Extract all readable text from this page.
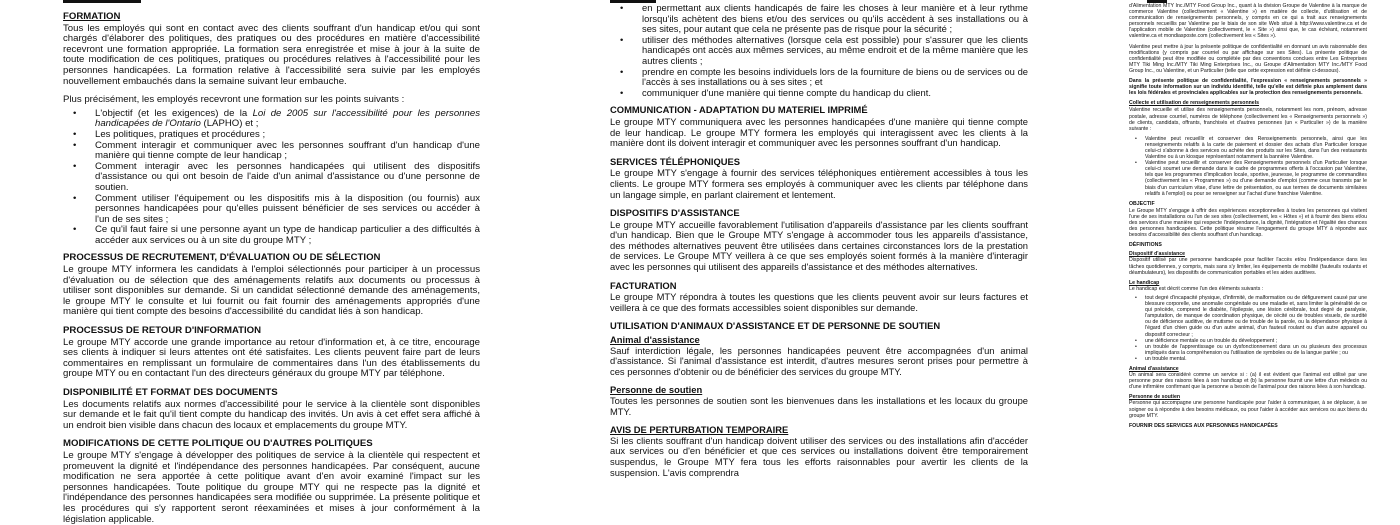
FORMATION

Tous les employés qui sont en contact avec des clients souffrant d'un handicap et/ou qui sont chargés d'élaborer des politiques, des pratiques ou des procédures en matière d'accessibilité recevront une formation appropriée. La formation sera enregistrée et mise à jour à la suite de toute modification de ces politiques, pratiques ou procédures relatives à l'accessibilité pour les personnes handicapées. La formation relative à l'accessibilité sera suivie par les employés nouvellement embauchés dans la semaine suivant leur embauche.

Plus précisément, les employés recevront une formation sur les points suivants :

• L'objectif (et les exigences) de la Loi de 2005 sur l'accessibilité pour les personnes handicapées de l'Ontario (LAPHO) et ;
• Les politiques, pratiques et procédures ;
• Comment interagir et communiquer avec les personnes souffrant d'un handicap d'une manière qui tienne compte de leur handicap ;
• Comment interagir avec les personnes handicapées qui utilisent des dispositifs d'assistance ou qui ont besoin de l'aide d'un animal d'assistance ou d'une personne de soutien.
• Comment utiliser l'équipement ou les dispositifs mis à la disposition (ou fournis) aux personnes handicapées pour qu'elles puissent bénéficier de ses services ou accéder à l'un de ses sites ;
• Ce qu'il faut faire si une personne ayant un type de handicap particulier a des difficultés à accéder aux services ou à un site du groupe MTY ;
PROCESSUS DE RECRUTEMENT, D'ÉVALUATION OU DE SÉLECTION

Le groupe MTY informera les candidats à l'emploi sélectionnés pour participer à un processus d'évaluation ou de sélection que des aménagements relatifs aux documents ou processus à utiliser sont disponibles sur demande. Si un candidat sélectionné demande des aménagements, le groupe MTY le consulte et lui fournit ou fait fournir des aménagements appropriés d'une manière qui tient compte des besoins d'accessibilité du candidat liés à son handicap.

PROCESSUS DE RETOUR D'INFORMATION

Le groupe MTY accorde une grande importance au retour d'information et, à ce titre, encourage ses clients à indiquer si leurs attentes ont été satisfaites. Les clients peuvent faire part de leurs commentaires en remplissant un formulaire de commentaires dans l'un des établissements du groupe MTY ou en contactant l'un des directeurs généraux du groupe MTY par téléphone.

DISPONIBILITÉ ET FORMAT DES DOCUMENTS

Les documents relatifs aux normes d'accessibilité pour le service à la clientèle sont disponibles sur demande et le fait qu'il tient compte du handicap des invités. Un avis à cet effet sera affiché à un endroit bien visible dans chacun des locaux et emplacements du groupe MTY.

MODIFICATIONS DE CETTE POLITIQUE OU D'AUTRES POLITIQUES

Le groupe MTY s'engage à développer des politiques de service à la clientèle qui respectent et promeuvent la dignité et l'indépendance des personnes handicapées. Par conséquent, aucune modification ne sera apportée à cette politique avant d'en avoir examiné l'impact sur les personnes handicapées. Toute politique du groupe MTY qui ne respecte pas la dignité et l'indépendance des personnes handicapées sera modifiée ou supprimée. La présente politique et les procédures qui s'y rapportent seront réexaminées et mises à jour conformément à la législation applicable.

• en permettant aux clients handicapés de faire les choses à leur manière et à leur rythme lorsqu'ils achètent des biens et/ou des services ou qu'ils accèdent à ses installations ou à ses sites, pour autant que cela ne présente pas de risque pour la sécurité ;
• utiliser des méthodes alternatives (lorsque cela est possible) pour s'assurer que les clients handicapés ont accès aux mêmes services, au même endroit et de la même manière que les autres clients ;
• prendre en compte les besoins individuels lors de la fourniture de biens ou de services ou de l'accès à ses installations ou à ses sites ; et
• communiquer d'une manière qui tienne compte du handicap du client.
COMMUNICATION - ADAPTATION DU MATERIEL IMPRIMÉ

Le groupe MTY communiquera avec les personnes handicapées d'une manière qui tienne compte de leur handicap. Le groupe MTY formera les employés qui interagissent avec les clients à la manière dont ils doivent interagir et communiquer avec les personnes souffrant d'un handicap.

SERVICES TÉLÉPHONIQUES

Le groupe MTY s'engage à fournir des services téléphoniques entièrement accessibles à tous les clients. Le groupe MTY formera ses employés à communiquer avec les clients par téléphone dans un langage simple, en parlant clairement et lentement.

DISPOSITIFS D'ASSISTANCE

Le groupe MTY accueille favorablement l'utilisation d'appareils d'assistance par les clients souffrant d'un handicap. Bien que le Groupe MTY s'engage à accommoder tous les appareils d'assistance, des méthodes alternatives peuvent être utilisées dans certaines circonstances lors de la prestation de services. Le Groupe MTY veillera à ce que ses employés soient formés à la manière d'interagir avec les personnes qui utilisent des appareils d'assistance et des méthodes alternatives.

FACTURATION

Le groupe MTY répondra à toutes les questions que les clients peuvent avoir sur leurs factures et veillera à ce que des formats accessibles soient disponibles sur demande.

UTILISATION D'ANIMAUX D'ASSISTANCE ET DE PERSONNE DE SOUTIEN

Animal d'assistance

Sauf interdiction légale, les personnes handicapées peuvent être accompagnées d'un animal d'assistance. Si l'animal d'assistance est interdit, d'autres mesures seront prises pour permettre à ces personnes d'obtenir ou de bénéficier des services du groupe MTY.

Personne de soutien

Toutes les personnes de soutien sont les bienvenues dans les installations et les locaux du groupe MTY.

AVIS DE PERTURBATION TEMPORAIRE

Si les clients souffrant d'un handicap doivent utiliser des services ou des installations afin d'accéder aux services ou d'en bénéficier et que ces services ou installations doivent être temporairement suspendus, le Groupe MTY fera tous les efforts raisonnables pour avertir les clients de la suspension. L'avis comprendra

d'Alimentation MTY Inc./MTY Food Group Inc., quant à la division Groupe de Valentine à la marque de commerce Valentine (collectivement « Valentine ») en matière de collecte, d'utilisation et de communication de renseignements personnels, y compris en ce qui a trait aux renseignements personnels recueillis par Valentine par le biais de son site Web situé à http://www.valentine.ca et de l'application mobile de Valentine (collectivement, le « Site ») ainsi que, le cas échéant, notamment valentine.ca et mondiasposte.com (collectivement les « Sites »).

Valentine peut mettre à jour la présente politique de confidentialité en donnant un avis raisonnable des modifications (y compris par courriel ou par affichage sur ses Sites). La présente politique de confidentialité peut être modifiée ou complétée par des conventions conclues entre Les Entreprises MTY Tiki Ming Inc./MTY Tiki Ming Enterprises Inc., ou Groupe d'Alimentation MTY Inc./MTY Food Group Inc., ou Valentine, et un Particulier (telle que cette expression est définie ci-dessous).

Dans la présente politique de confidentialité, l'expression « renseignements personnels » signifie toute information sur un individu identifié, telle qu'elle est définie plus amplement dans les lois fédérales et provinciales applicables sur la protection des renseignements personnels.

Collecte et utilisation de renseignements personnels

Valentine recueille et utilise des renseignements personnels, notamment les nom, prénom, adresse postale, adresse courriel, numéros de téléphone (collectivement les « Renseignements personnels ») de clients, candidats, offrants, franchisés et d'autres personnes (un « Particulier ») de la manière suivante :

• Valentine peut recueillir et conserver des Renseignements personnels, ainsi que les renseignements relatifs à la carte de paiement et dossier des achats d'un Particulier lorsque celui-ci s'abonne à des services ou achète des produits sur les Sites, dans l'un des restaurants Valentine ou à un kiosque représentant notamment la bannière Valentine.
• Valentine peut recueillir et conserver des Renseignements personnels d'un Particulier lorsque celui-ci soumet une demande dans le cadre de programmes offerts à l'occasion par Valentine, tels que les programmes d'implication locale, sportive, jeunesse, le programme de commandites (collectivement les « Programmes ») ou d'une demande d'emploi (comme ceux transmis par le biais d'un curriculum vitae, d'une lettre de présentation, ou aux termes de documents similaires relatifs à l'emploi) ou pour se renseigner sur l'achat d'une franchise Valentine.
OBJECTIF

Le Groupe MTY s'engage à offrir des expériences exceptionnelles à toutes les personnes qui visitent l'une de ses installations ou l'un de ses sites (collectivement, les « Hôtes ») et à fournir des biens et/ou des services d'une manière qui respecte l'indépendance, la dignité, l'intégration et l'égalité des chances des personnes handicapées. Cette politique résume l'engagement du groupe MTY à répondre aux besoins d'accessibilité des clients souffrant d'un handicap.

DÉFINITIONS

Dispositif d'assistance

Dispositif utilisé par une personne handicapée pour faciliter l'accès et/ou l'indépendance dans les tâches quotidiennes, y compris, mais sans s'y limiter, les équipements de mobilité (fauteuils roulants et déambulateurs), les dispositifs de communication portables et les aides auditives.

Le handicap

Le handicap est décrit comme l'un des éléments suivants :

• tout degré d'incapacité physique, d'infirmité, de malformation ou de défigurement causé par une blessure corporelle, une anomalie congénitale ou une maladie et, sans limiter la généralité de ce qui précède, comprend le diabète, l'épilepsie, une lésion cérébrale, tout degré de paralysie, l'amputation, de manque de coordination physique, de cécité ou de troubles visuels, de surdité ou de déficience auditive, de mutisme ou de trouble de la parole, ou la dépendance physique à l'égard d'un chien guide ou d'un autre animal, d'un fauteuil roulant ou d'un autre appareil ou dispositif correcteur ;
• une déficience mentale ou un trouble du développement ;
• un trouble de l'apprentissage ou un dysfonctionnement dans un ou plusieurs des processus impliqués dans la compréhension ou l'utilisation de symboles ou de la langue parlée ; ou
• un trouble mental.

Animal d'assistance

Un animal sera considéré comme un service si : (a) il est évident que l'animal est utilisé par une personne pour des raisons liées à son handicap et (b) la personne fournit une lettre d'un médecin ou d'une infirmière confirmant que la personne a besoin de l'animal pour des raisons liées à son handicap.

Personne de soutien

Personne qui accompagne une personne handicapée pour l'aider à communiquer, à se déplacer, à se soigner ou à répondre à des besoins médicaux, ou pour l'aider à accéder aux services ou aux biens du groupe MTY.

FOURNIR DES SERVICES AUX PERSONNES HANDICAPÉES
